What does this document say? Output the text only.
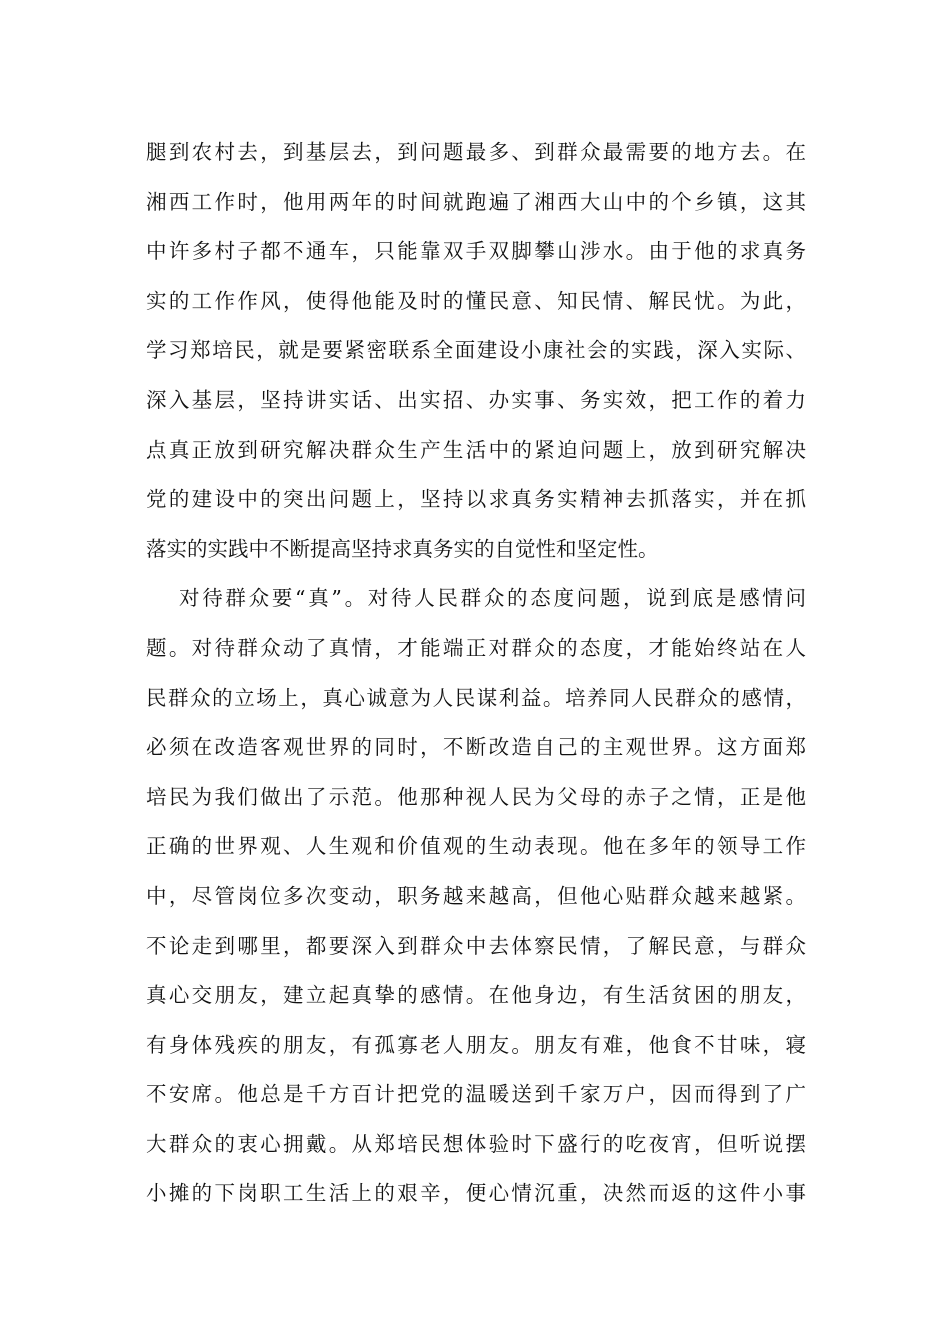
腿到农村去，到基层去，到问题最多、到群众最需要的地方去。在
湘西工作时，他用两年的时间就跑遍了湘西大山中的个乡镇，这其
中许多村子都不通车，只能靠双手双脚攀山涉水。由于他的求真务
实的工作作风，使得他能及时的懂民意、知民情、解民忧。为此，
学习郑培民，就是要紧密联系全面建设小康社会的实践，深入实际、
深入基层，坚持讲实话、出实招、办实事、务实效，把工作的着力
点真正放到研究解决群众生产生活中的紧迫问题上，放到研究解决
党的建设中的突出问题上，坚持以求真务实精神去抓落实，并在抓
落实的实践中不断提高坚持求真务实的自觉性和坚定性。
对待群众要“真”。对待人民群众的态度问题，说到底是感情问
题。对待群众动了真情，才能端正对群众的态度，才能始终站在人
民群众的立场上，真心诚意为人民谋利益。培养同人民群众的感情，
必须在改造客观世界的同时，不断改造自己的主观世界。这方面郑
培民为我们做出了示范。他那种视人民为父母的赤子之情，正是他
正确的世界观、人生观和价值观的生动表现。他在多年的领导工作
中，尽管岗位多次变动，职务越来越高，但他心贴群众越来越紧。
不论走到哪里，都要深入到群众中去体察民情，了解民意，与群众
真心交朋友，建立起真挚的感情。在他身边，有生活贫困的朋友，
有身体残疾的朋友，有孤寡老人朋友。朋友有难，他食不甘味，寝
不安席。他总是千方百计把党的温暖送到千家万户，因而得到了广
大群众的衷心拥戴。从郑培民想体验时下盛行的吃夜宵，但听说摆
小摊的下岗职工生活上的艰辛，便心情沉重，决然而返的这件小事
